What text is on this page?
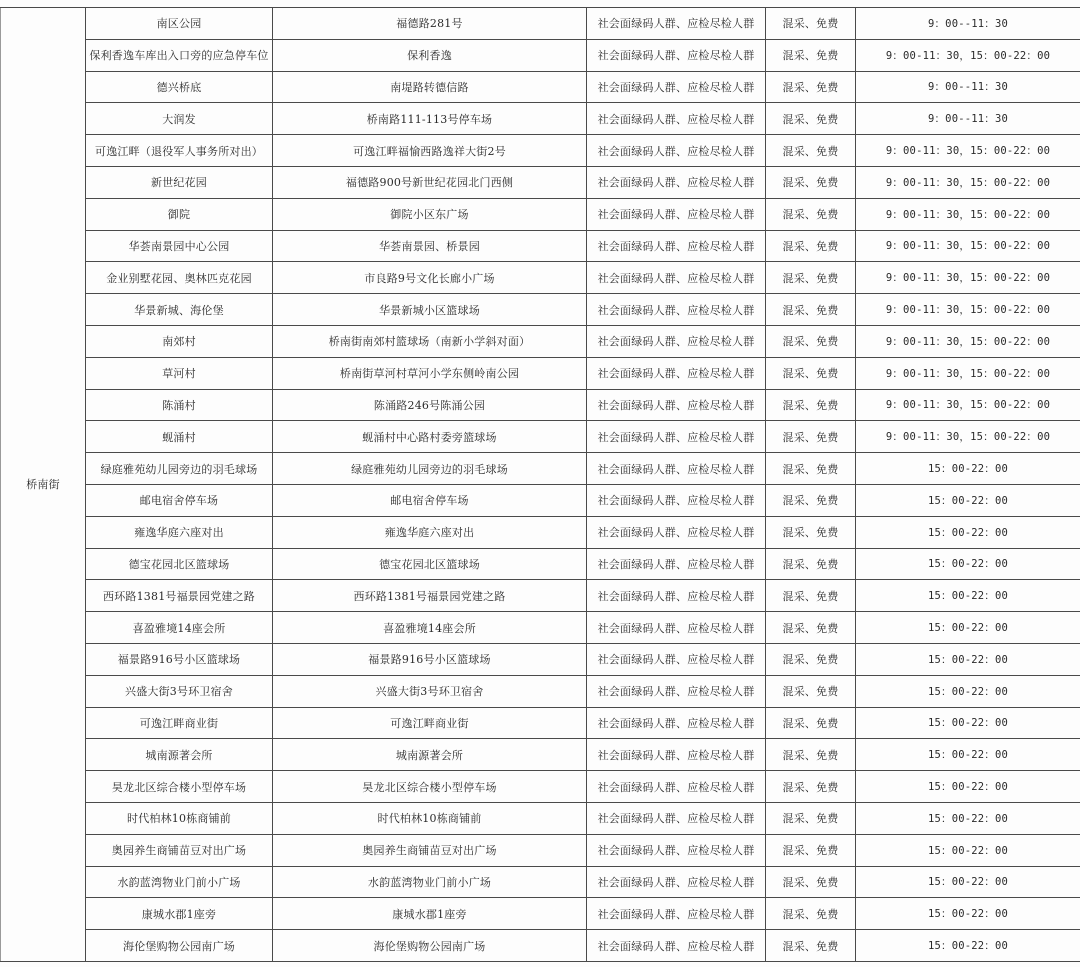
桥南街	南区公园	福德路281号	社会面绿码人群、应检尽检人群	混采、免费	9：00--11：30
	保利香逸车库出入口旁的应急停车位	保利香逸	社会面绿码人群、应检尽检人群	混采、免费	9：00-11：30，15：00-22：00
	德兴桥底	南堤路转德信路	社会面绿码人群、应检尽检人群	混采、免费	9：00--11：30
	大润发	桥南路111-113号停车场	社会面绿码人群、应检尽检人群	混采、免费	9：00--11：30
	可逸江畔（退役军人事务所对出）	可逸江畔福愉西路逸祥大街2号	社会面绿码人群、应检尽检人群	混采、免费	9：00-11：30，15：00-22：00
	新世纪花园	福德路900号新世纪花园北门西侧	社会面绿码人群、应检尽检人群	混采、免费	9：00-11：30，15：00-22：00
	御院	御院小区东广场	社会面绿码人群、应检尽检人群	混采、免费	9：00-11：30，15：00-22：00
	华荟南景园中心公园	华荟南景园、桥景园	社会面绿码人群、应检尽检人群	混采、免费	9：00-11：30，15：00-22：00
	金业别墅花园、奥林匹克花园	市良路9号文化长廊小广场	社会面绿码人群、应检尽检人群	混采、免费	9：00-11：30，15：00-22：00
	华景新城、海伦堡	华景新城小区篮球场	社会面绿码人群、应检尽检人群	混采、免费	9：00-11：30，15：00-22：00
	南郊村	桥南街南郊村篮球场（南新小学斜对面）	社会面绿码人群、应检尽检人群	混采、免费	9：00-11：30，15：00-22：00
	草河村	桥南街草河村草河小学东侧岭南公园	社会面绿码人群、应检尽检人群	混采、免费	9：00-11：30，15：00-22：00
	陈涌村	陈涌路246号陈涌公园	社会面绿码人群、应检尽检人群	混采、免费	9：00-11：30，15：00-22：00
	蚬涌村	蚬涌村中心路村委旁篮球场	社会面绿码人群、应检尽检人群	混采、免费	9：00-11：30，15：00-22：00
	绿庭雅苑幼儿园旁边的羽毛球场	绿庭雅苑幼儿园旁边的羽毛球场	社会面绿码人群、应检尽检人群	混采、免费	15：00-22：00
	邮电宿舍停车场	邮电宿舍停车场	社会面绿码人群、应检尽检人群	混采、免费	15：00-22：00
	雍逸华庭六座对出	雍逸华庭六座对出	社会面绿码人群、应检尽检人群	混采、免费	15：00-22：00
	德宝花园北区篮球场	德宝花园北区篮球场	社会面绿码人群、应检尽检人群	混采、免费	15：00-22：00
	西环路1381号福景园党建之路	西环路1381号福景园党建之路	社会面绿码人群、应检尽检人群	混采、免费	15：00-22：00
	喜盈雅境14座会所	喜盈雅境14座会所	社会面绿码人群、应检尽检人群	混采、免费	15：00-22：00
	福景路916号小区篮球场	福景路916号小区篮球场	社会面绿码人群、应检尽检人群	混采、免费	15：00-22：00
	兴盛大街3号环卫宿舍	兴盛大街3号环卫宿舍	社会面绿码人群、应检尽检人群	混采、免费	15：00-22：00
	可逸江畔商业街	可逸江畔商业街	社会面绿码人群、应检尽检人群	混采、免费	15：00-22：00
	城南源著会所	城南源著会所	社会面绿码人群、应检尽检人群	混采、免费	15：00-22：00
	昊龙北区综合楼小型停车场	昊龙北区综合楼小型停车场	社会面绿码人群、应检尽检人群	混采、免费	15：00-22：00
	时代柏林10栋商铺前	时代柏林10栋商铺前	社会面绿码人群、应检尽检人群	混采、免费	15：00-22：00
	奥园养生商铺苗豆对出广场	奥园养生商铺苗豆对出广场	社会面绿码人群、应检尽检人群	混采、免费	15：00-22：00
	水韵蓝湾物业门前小广场	水韵蓝湾物业门前小广场	社会面绿码人群、应检尽检人群	混采、免费	15：00-22：00
	康城水郡1座旁	康城水郡1座旁	社会面绿码人群、应检尽检人群	混采、免费	15：00-22：00
	海伦堡购物公园南广场	海伦堡购物公园南广场	社会面绿码人群、应检尽检人群	混采、免费	15：00-22：00
